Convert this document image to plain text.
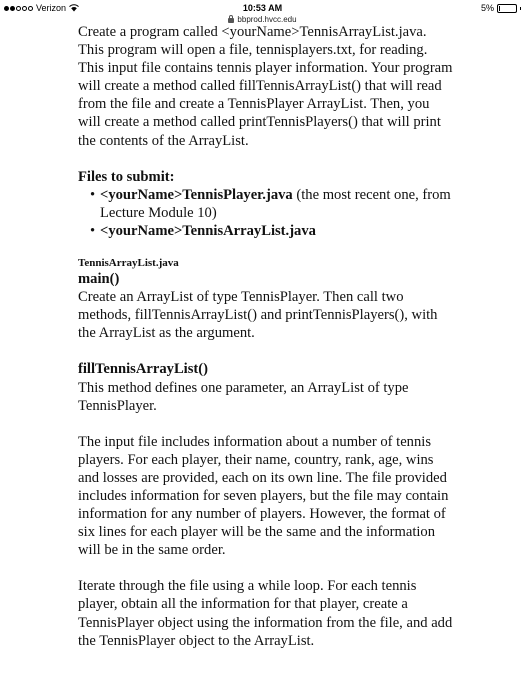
Verizon	10:53 AM	5%
bbprod.hvcc.edu

Create a program called <yourName>TennisArrayList.java. This program will open a file, tennisplayers.txt, for reading. This input file contains tennis player information. Your program will create a method called fillTennisArrayList() that will read from the file and create a TennisPlayer ArrayList. Then, you will create a method called printTennisPlayers() that will print the contents of the ArrayList.

Files to submit:

• <yourName>TennisPlayer.java (the most recent one, from Lecture Module 10)
• <yourName>TennisArrayList.java

TennisArrayList.java

main()

Create an ArrayList of type TennisPlayer. Then call two methods, fillTennisArrayList() and printTennisPlayers(), with the ArrayList as the argument.

fillTennisArrayList()

This method defines one parameter, an ArrayList of type TennisPlayer.

The input file includes information about a number of tennis players. For each player, their name, country, rank, age, wins and losses are provided, each on its own line. The file provided includes information for seven players, but the file may contain information for any number of players. However, the format of six lines for each player will be the same and the information will be in the same order.

Iterate through the file using a while loop. For each tennis player, obtain all the information for that player, create a TennisPlayer object using the information from the file, and add the TennisPlayer object to the ArrayList.
